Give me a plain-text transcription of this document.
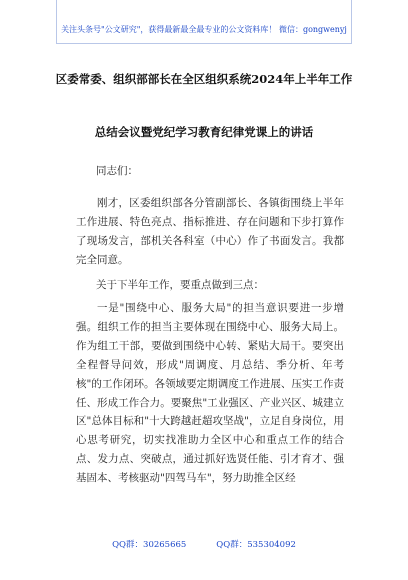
关注头条号"公文研究"，获得最新最全最专业的公文资料库！ 微信：gongwenyj
区委常委、组织部部长在全区组织系统2024年上半年工作
总结会议暨党纪学习教育纪律党课上的讲话

同志们：

刚才，区委组织部各分管副部长、各镇街围绕上半年工作进展、特色亮点、指标推进、存在问题和下步打算作了现场发言，部机关各科室（中心）作了书面发言。我都完全同意。

关于下半年工作，要重点做到三点：

一是"围绕中心、服务大局"的担当意识要进一步增强。组织工作的担当主要体现在围绕中心、服务大局上。作为组工干部，要做到围绕中心转、紧贴大局干。要突出全程督导问效，形成"周调度、月总结、季分析、年考核"的工作闭环。各领域要定期调度工作进展、压实工作责任、形成工作合力。要聚焦"工业强区、产业兴区、城建立区"总体目标和"十大跨越赶超攻坚战"，立足自身岗位，用心思考研究，切实找准助力全区中心和重点工作的结合点、发力点、突破点，通过抓好选贤任能、引才育才、强基固本、考核驱动"四驾马车"，努力助推全区经

QQ群：30265665	QQ群：535304092
